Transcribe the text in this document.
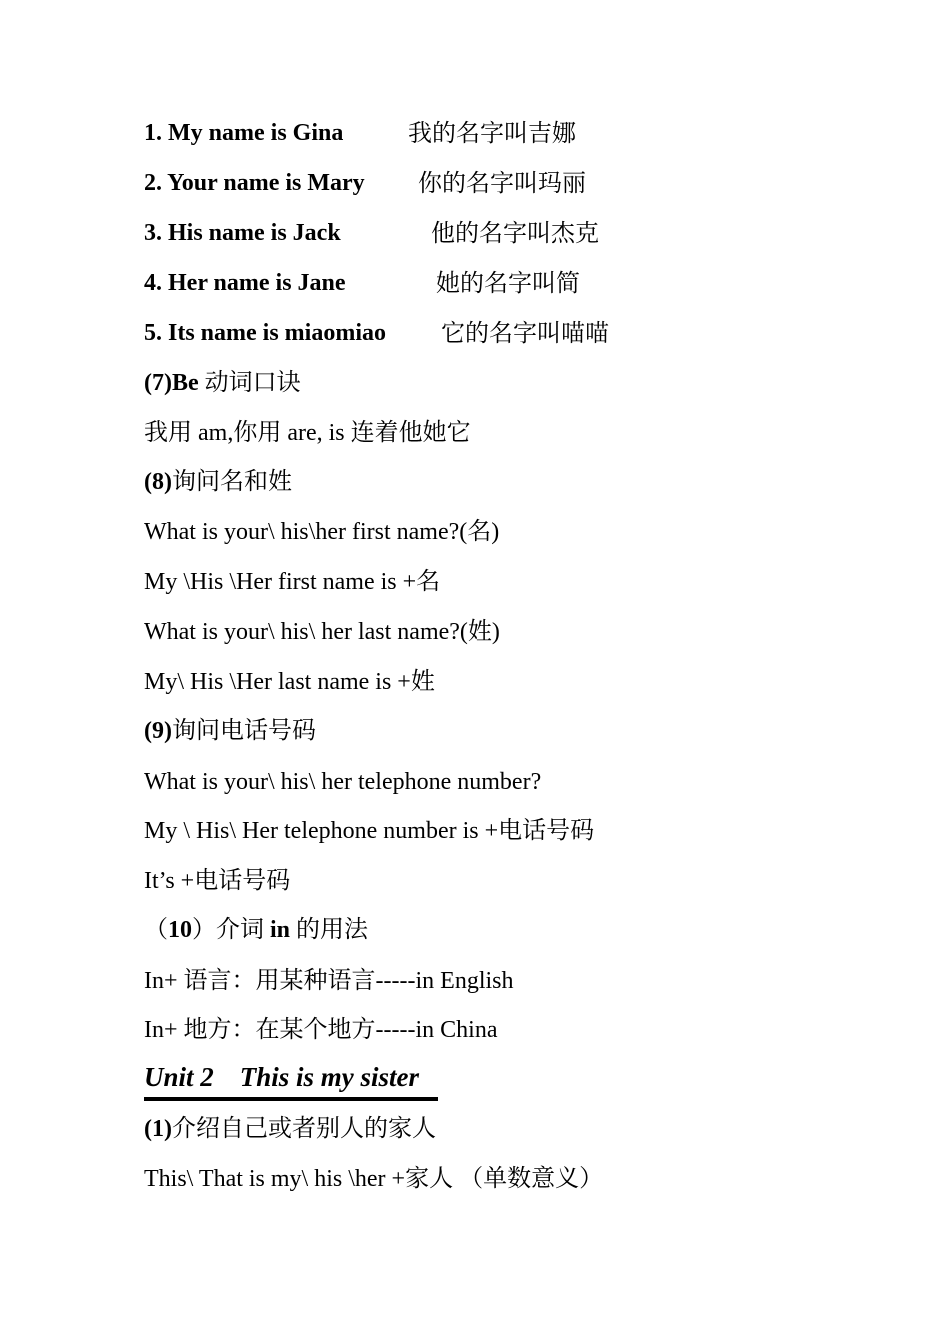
1. My name is Gina	我的名字叫吉娜
2. Your name is Mary 你的名字叫玛丽
3. His name is Jack	他的名字叫杰克
4. Her name is Jane	她的名字叫简
5. Its name is miaomiao 它的名字叫喵喵
(7)Be 动词口诀
我用 am,你用 are, is 连着他她它
(8)询问名和姓
What is your\ his\her first name?(名)
My \His \Her first name is +名
What is your\ his\ her last name?(姓)
My\ His \Her last name is +姓
(9)询问电话号码
What is your\ his\ her telephone number?
My \ His\ Her telephone number is +电话号码
It’s +电话号码
（10）介词 in 的用法
In+ 语言：用某种语言-----in English
In+ 地方：在某个地方-----in China
Unit 2 This is my sister
(1)介绍自己或者别人的家人
This\ That is my\ his \her +家人 （单数意义）
